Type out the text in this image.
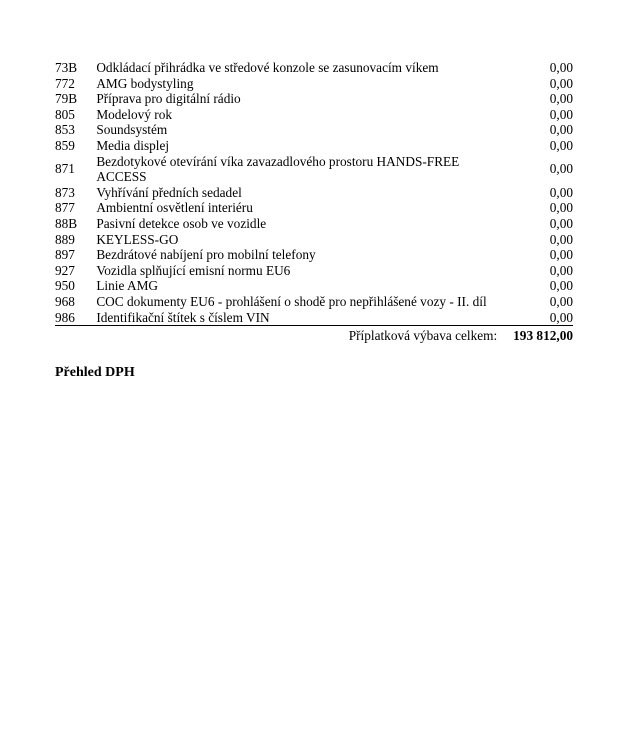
73B	Odkládací přihrádka ve středové konzole se zasunovacím víkem	0,00
772	AMG bodystyling	0,00
79B	Příprava pro digitální rádio	0,00
805	Modelový rok	0,00
853	Soundsystém	0,00
859	Media displej	0,00
871	Bezdotykové otevírání víka zavazadlového prostoru HANDS-FREE ACCESS	0,00
873	Vyhřívání předních sedadel	0,00
877	Ambientní osvětlení interiéru	0,00
88B	Pasivní detekce osob ve vozidle	0,00
889	KEYLESS-GO	0,00
897	Bezdrátové nabíjení pro mobilní telefony	0,00
927	Vozidla splňující emisní normu EU6	0,00
950	Linie AMG	0,00
968	COC dokumenty EU6 - prohlášení o shodě pro nepřihlášené vozy - II. díl	0,00
986	Identifikační štítek s číslem VIN	0,00
Příplatková výbava celkem: 193 812,00
Přehled DPH
